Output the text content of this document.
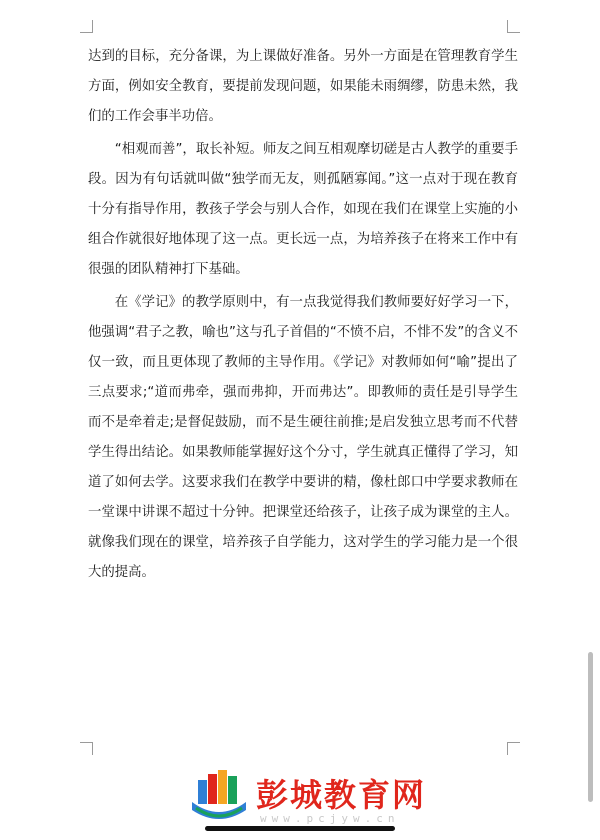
达到的目标，充分备课，为上课做好准备。另外一方面是在管理教育学生方面，例如安全教育，要提前发现问题，如果能未雨绸缪，防患未然，我们的工作会事半功倍。

“相观而善”，取长补短。师友之间互相观摩切磋是古人教学的重要手段。因为有句话就叫做“独学而无友，则孤陋寡闻。”这一点对于现在教育十分有指导作用，教孩子学会与别人合作，如现在我们在课堂上实施的小组合作就很好地体现了这一点。更长远一点，为培养孩子在将来工作中有很强的团队精神打下基础。

在《学记》的教学原则中，有一点我觉得我们教师要好好学习一下，他强调“君子之教，喻也”这与孔子首倡的“不愤不启，不悱不发”的含义不仅一致，而且更体现了教师的主导作用。《学记》对教师如何“喻”提出了三点要求;“道而弗牵，强而弗抑，开而弗达”。即教师的责任是引导学生而不是牵着走;是督促鼓励，而不是生硬往前推;是启发独立思考而不代替学生得出结论。如果教师能掌握好这个分寸，学生就真正懂得了学习，知道了如何去学。这要求我们在教学中要讲的精，像杜郎口中学要求教师在一堂课中讲课不超过十分钟。把课堂还给孩子，让孩子成为课堂的主人。就像我们现在的课堂，培养孩子自学能力，这对学生的学习能力是一个很大的提高。

彭城教育网
www.pcjyw.cn
